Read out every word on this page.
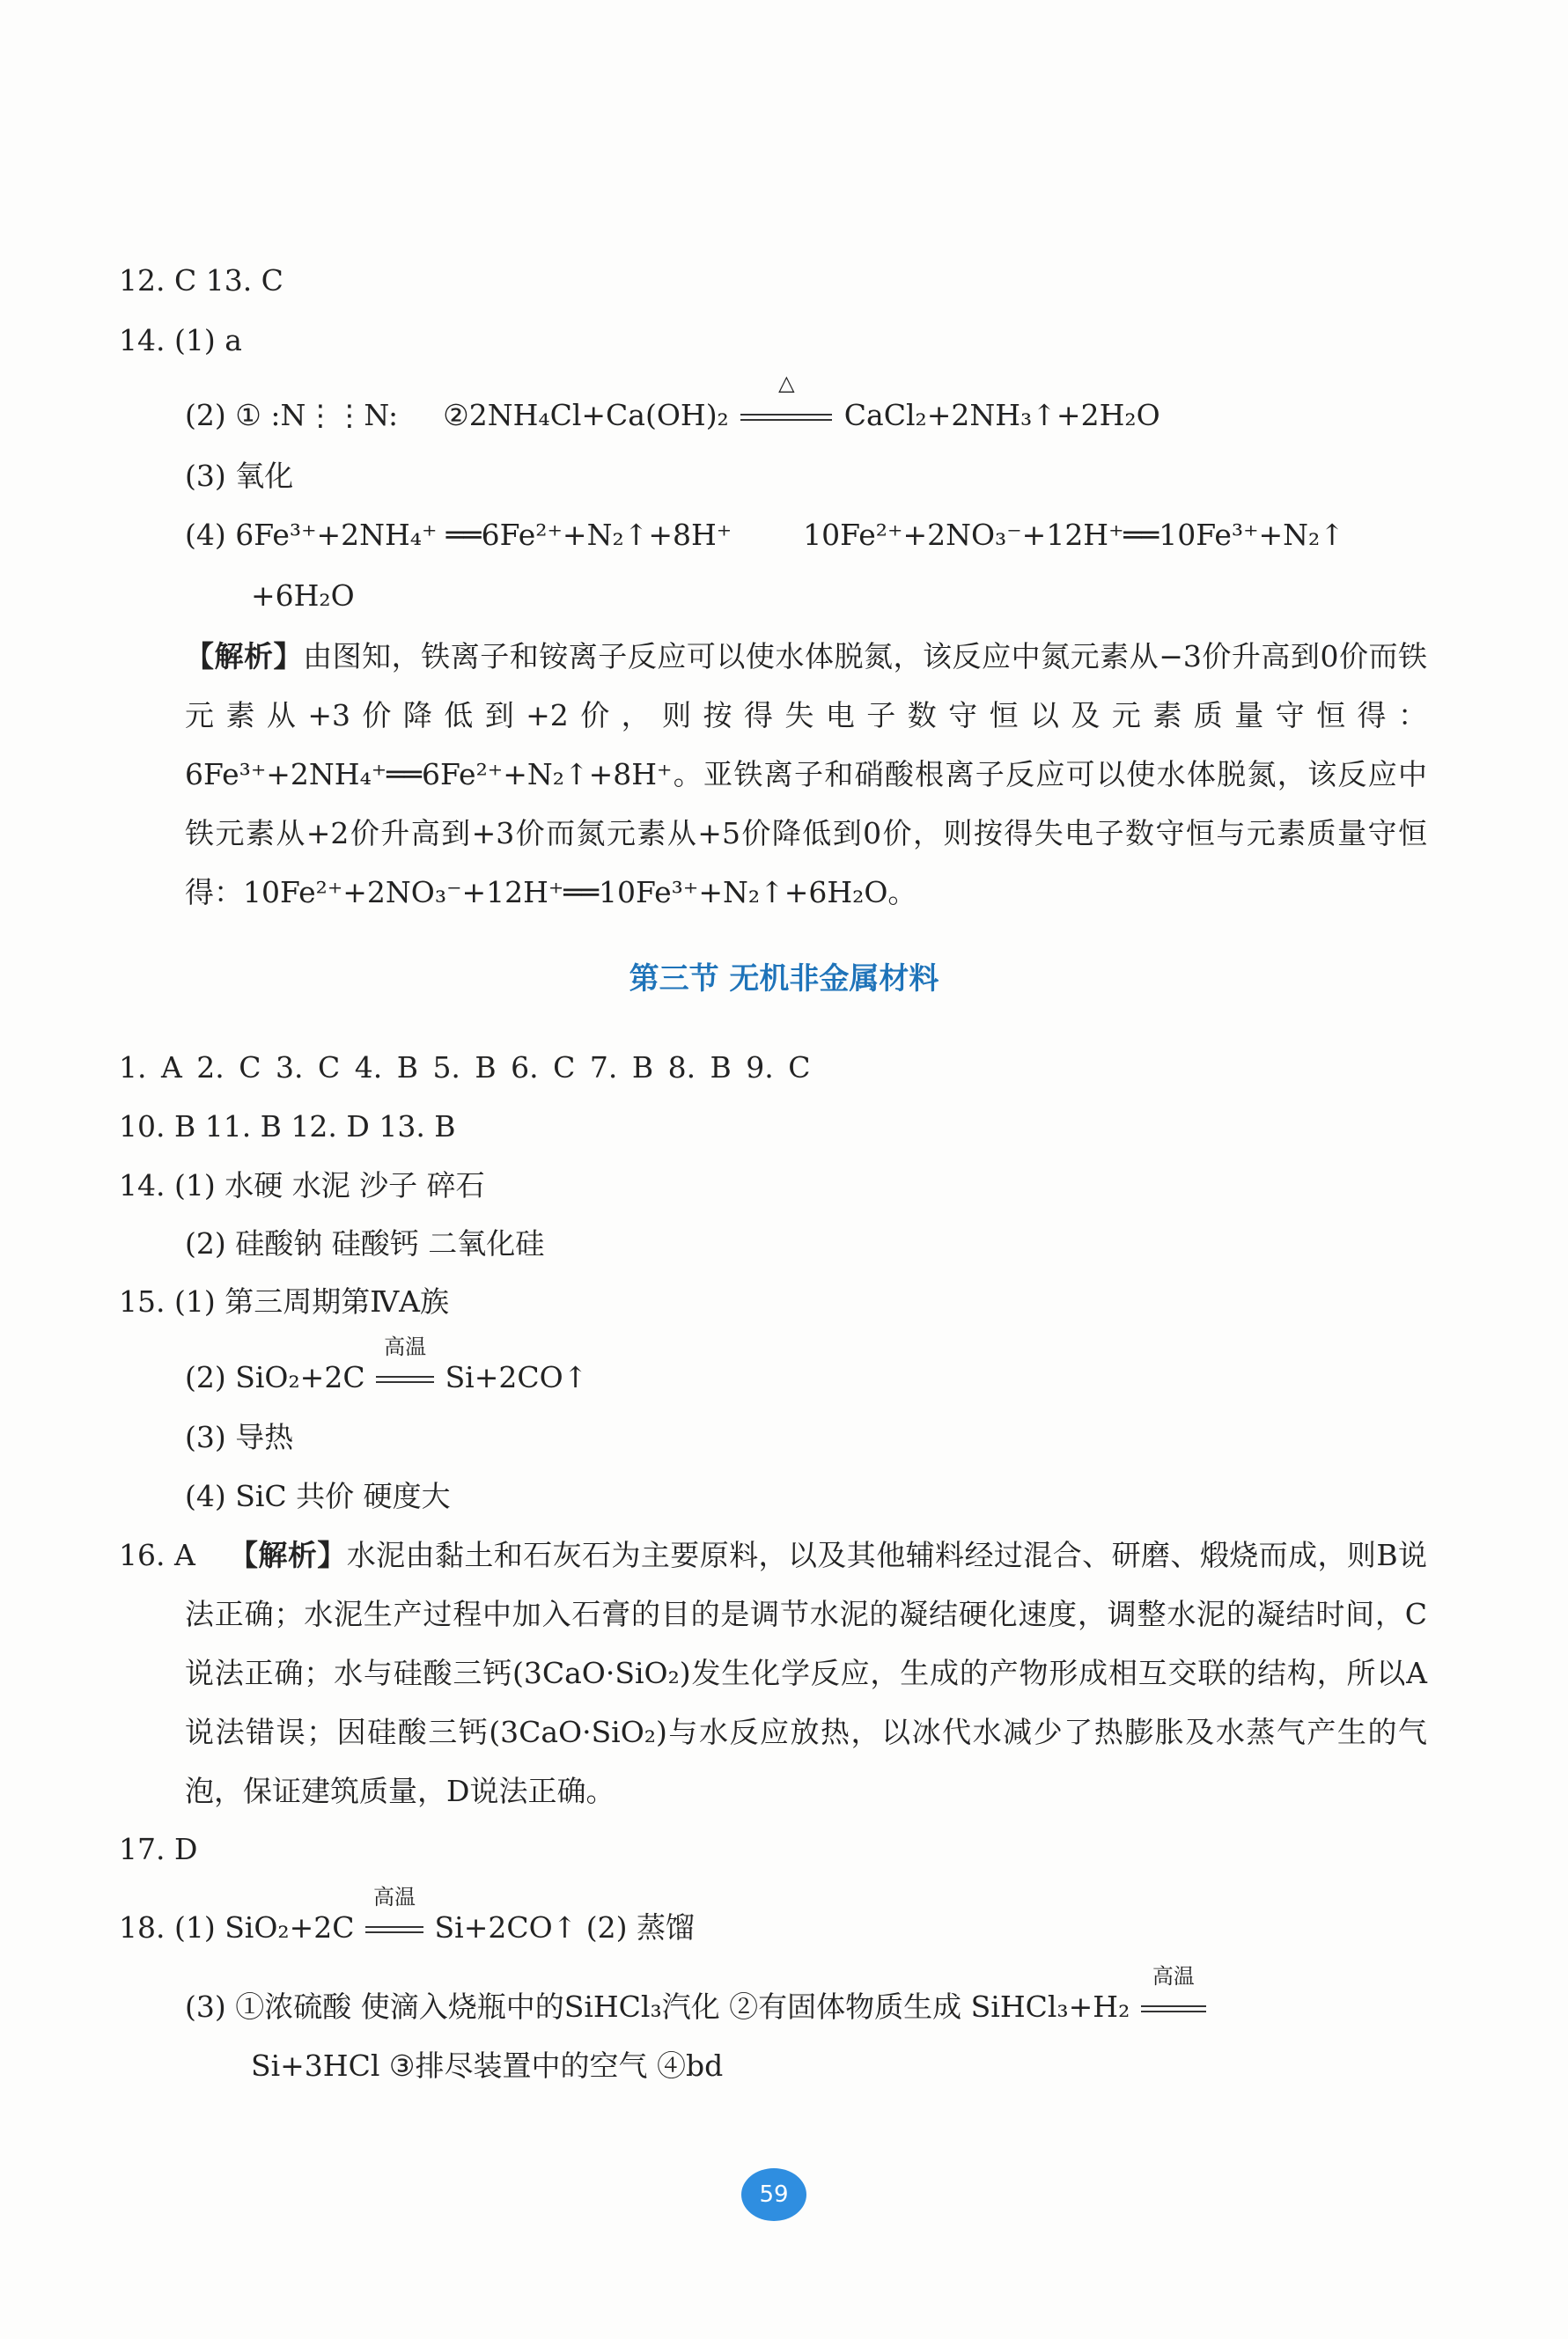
12. C 13. C
14. (1) a
(2) ① :N⋮⋮N: ②2NH₄Cl+Ca(OH)₂
△
CaCl₂+2NH₃↑+2H₂O
(3) 氧化
(4) 6Fe³⁺+2NH₄⁺ ══6Fe²⁺+N₂↑+8H⁺ 10Fe²⁺+2NO₃⁻+12H⁺══10Fe³⁺+N₂↑
+6H₂O
【解析】由图知，铁离子和铵离子反应可以使水体脱氮，该反应中氮元素从−3价升高到0价而铁元素从+3价降低到+2价，则按得失电子数守恒以及元素质量守恒得：6Fe³⁺+2NH₄⁺══6Fe²⁺+N₂↑+8H⁺。亚铁离子和硝酸根离子反应可以使水体脱氮，该反应中铁元素从+2价升高到+3价而氮元素从+5价降低到0价，则按得失电子数守恒与元素质量守恒得：10Fe²⁺+2NO₃⁻+12H⁺══10Fe³⁺+N₂↑+6H₂O。
第三节 无机非金属材料
1. A 2. C 3. C 4. B 5. B 6. C 7. B 8. B 9. C
10. B 11. B 12. D 13. B
14. (1) 水硬 水泥 沙子 碎石
(2) 硅酸钠 硅酸钙 二氧化硅
15. (1) 第三周期第ⅣA族
(2) SiO₂+2C
高温
Si+2CO↑
(3) 导热
(4) SiC 共价 硬度大
16. A	【解析】水泥由黏土和石灰石为主要原料，以及其他辅料经过混合、研磨、煅烧而成，则B说法正确；水泥生产过程中加入石膏的目的是调节水泥的凝结硬化速度，调整水泥的凝结时间，C说法正确；水与硅酸三钙(3CaO·SiO₂)发生化学反应，生成的产物形成相互交联的结构，所以A说法错误；因硅酸三钙(3CaO·SiO₂)与水反应放热，以冰代水减少了热膨胀及水蒸气产生的气泡，保证建筑质量，D说法正确。
17. D
18. (1) SiO₂+2C
高温
Si+2CO↑ (2) 蒸馏
(3) ①浓硫酸 使滴入烧瓶中的SiHCl₃汽化 ②有固体物质生成 SiHCl₃+H₂
高温
Si+3HCl ③排尽装置中的空气 ④bd
59
